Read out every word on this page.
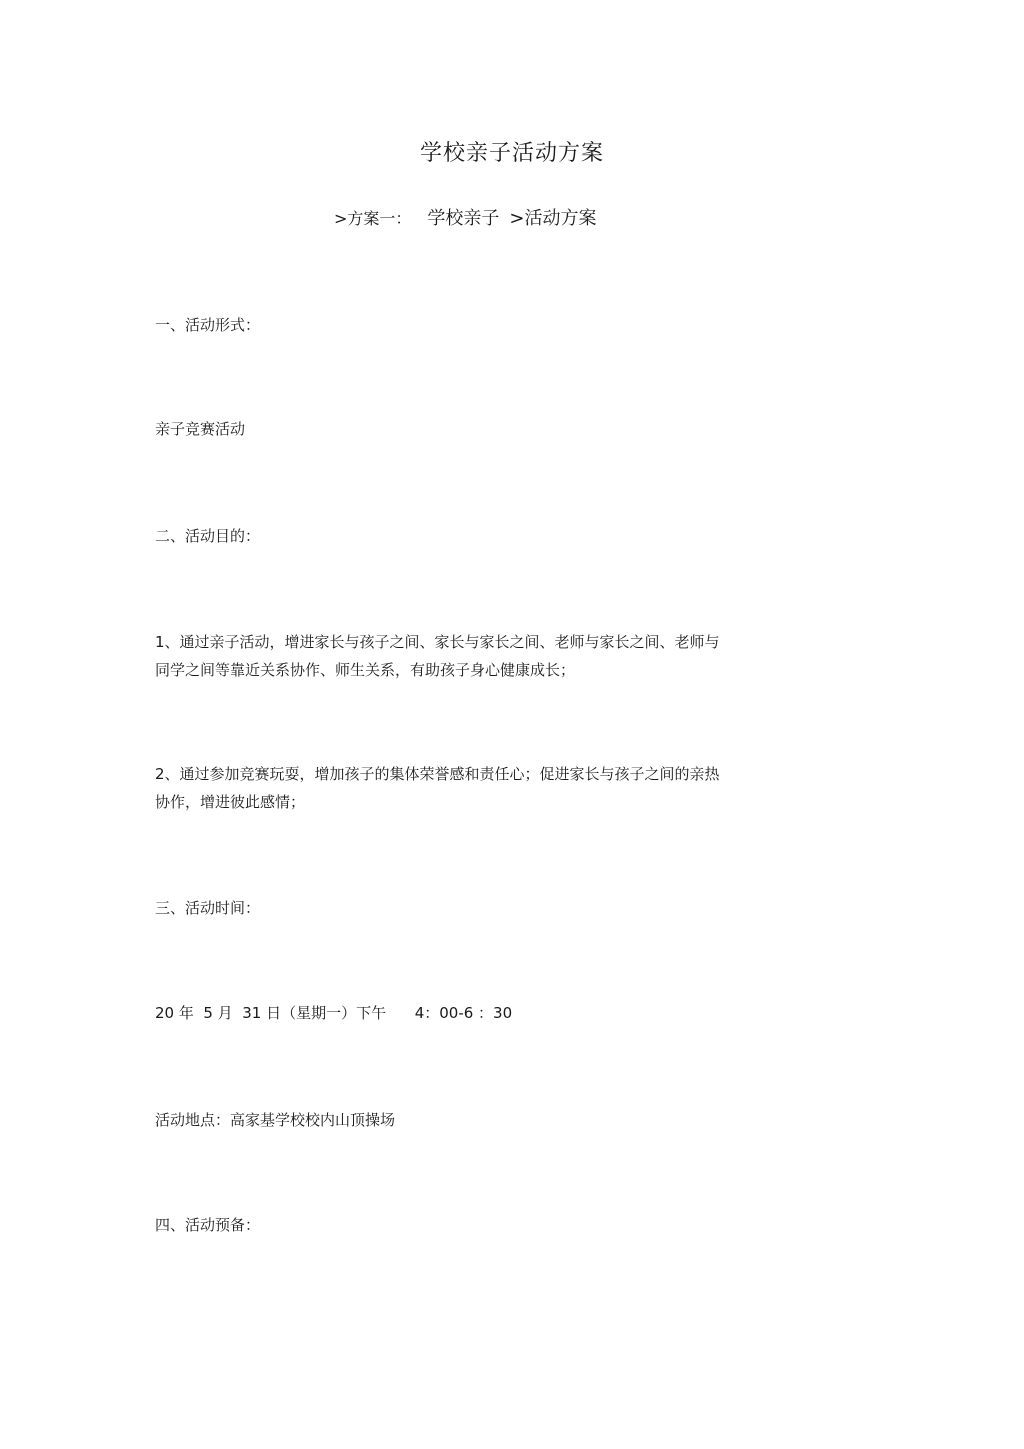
学校亲子活动方案
>方案一： 学校亲子 >活动方案
一、活动形式：
亲子竞赛活动
二、活动目的：
1、通过亲子活动，增进家长与孩子之间、家长与家长之间、老师与家长之间、老师与
同学之间等靠近关系协作、师生关系，有助孩子身心健康成长；
2、通过参加竞赛玩耍，增加孩子的集体荣誉感和责任心；促进家长与孩子之间的亲热
协作，增进彼此感情；
三、活动时间：
20 年  5 月  31 日（星期一）下午      4：00-6 ：30
活动地点：高家基学校校内山顶操场
四、活动预备：
